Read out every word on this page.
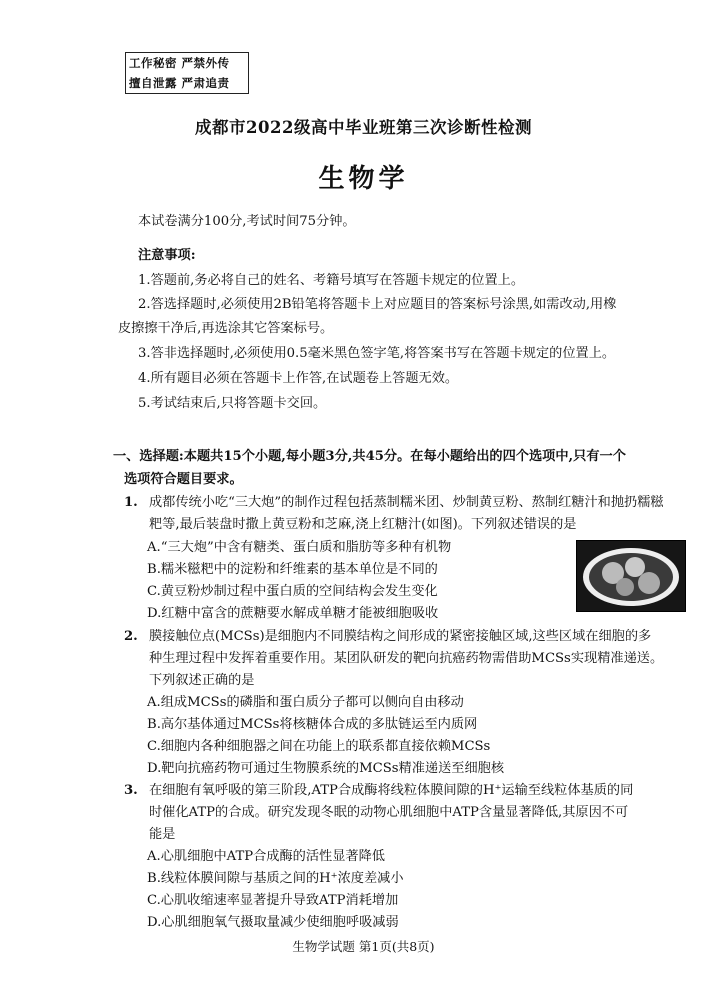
工作秘密 严禁外传
擅自泄露 严肃追责
成都市2022级高中毕业班第三次诊断性检测
生物学
本试卷满分100分,考试时间75分钟。
注意事项:
1.答题前,务必将自己的姓名、考籍号填写在答题卡规定的位置上。
2.答选择题时,必须使用2B铅笔将答题卡上对应题目的答案标号涂黑,如需改动,用橡
皮擦擦干净后,再选涂其它答案标号。
3.答非选择题时,必须使用0.5毫米黑色签字笔,将答案书写在答题卡规定的位置上。
4.所有题目必须在答题卡上作答,在试题卷上答题无效。
5.考试结束后,只将答题卡交回。
一、选择题:本题共15个小题,每小题3分,共45分。在每小题给出的四个选项中,只有一个
选项符合题目要求。
1. 成都传统小吃“三大炮”的制作过程包括蒸制糯米团、炒制黄豆粉、熬制红糖汁和抛扔糯糍
粑等,最后装盘时撒上黄豆粉和芝麻,浇上红糖汁(如图)。下列叙述错误的是
A.“三大炮”中含有糖类、蛋白质和脂肪等多种有机物
B.糯米糍粑中的淀粉和纤维素的基本单位是不同的
C.黄豆粉炒制过程中蛋白质的空间结构会发生变化
D.红糖中富含的蔗糖要水解成单糖才能被细胞吸收
2. 膜接触位点(MCSs)是细胞内不同膜结构之间形成的紧密接触区域,这些区域在细胞的多
种生理过程中发挥着重要作用。某团队研发的靶向抗癌药物需借助MCSs实现精准递送。
下列叙述正确的是
A.组成MCSs的磷脂和蛋白质分子都可以侧向自由移动
B.高尔基体通过MCSs将核糖体合成的多肽链运至内质网
C.细胞内各种细胞器之间在功能上的联系都直接依赖MCSs
D.靶向抗癌药物可通过生物膜系统的MCSs精准递送至细胞核
3. 在细胞有氧呼吸的第三阶段,ATP合成酶将线粒体膜间隙的H⁺运输至线粒体基质的同
时催化ATP的合成。研究发现冬眠的动物心肌细胞中ATP含量显著降低,其原因不可
能是
A.心肌细胞中ATP合成酶的活性显著降低
B.线粒体膜间隙与基质之间的H⁺浓度差减小
C.心肌收缩速率显著提升导致ATP消耗增加
D.心肌细胞氧气摄取量减少使细胞呼吸减弱
生物学试题 第1页(共8页)
